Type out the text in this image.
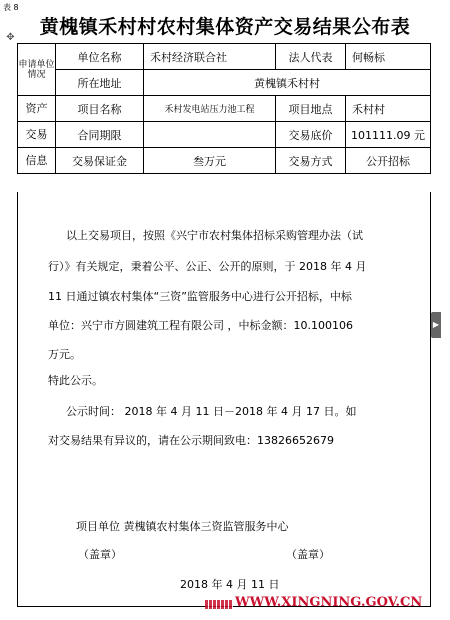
表 8
黄槐镇禾村村农村集体资产交易结果公布表
✥
申请单位情况	单位名称	禾村经济联合社	法人代表	何畅标
	所在地址	黄槐镇禾村村		
资产	项目名称	禾村发电站压力池工程	项目地点	禾村村
交易	合同期限		交易底价	101111.09 元
信息	交易保证金	叁万元	交易方式	公开招标
以上交易项目，按照《兴宁市农村集体招标采购管理办法（试
行）》有关规定，秉着公平、公正、公开的原则，于 2018 年 4 月
11 日通过镇农村集体“三资”监管服务中心进行公开招标，中标
单位：兴宁市方圆建筑工程有限公司 ，中标金额：10.100106
万元。
特此公示。
公示时间： 2018 年 4 月 11 日－2018 年 4 月 17 日。如
对交易结果有异议的，请在公示期间致电：13826652679
项目单位 黄槐镇农村集体三资监管服务中心
（盖章）	（盖章）
2018 年 4 月 11 日
▶
WWW.XINGNING.GOV.CN
